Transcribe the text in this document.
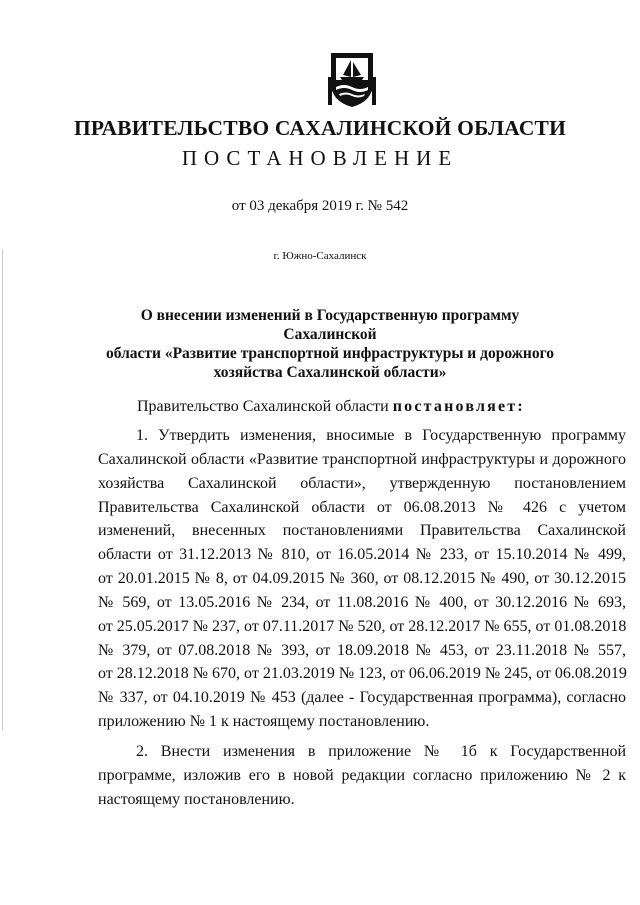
ПРАВИТЕЛЬСТВО САХАЛИНСКОЙ ОБЛАСТИ
ПОСТАНОВЛЕНИЕ
от 03 декабря 2019 г. № 542
г. Южно-Сахалинск
О внесении изменений в Государственную программу Сахалинской
области «Развитие транспортной инфраструктуры и дорожного
хозяйства Сахалинской области»
Правительство Сахалинской области постановляет:
1. Утвердить изменения, вносимые в Государственную программу
Сахалинской области «Развитие транспортной инфраструктуры и дорожного
хозяйства Сахалинской области», утвержденную постановлением
Правительства Сахалинской области от 06.08.2013 № 426 с учетом
изменений, внесенных постановлениями Правительства Сахалинской
области от 31.12.2013 № 810, от 16.05.2014 № 233, от 15.10.2014 № 499,
от 20.01.2015 № 8, от 04.09.2015 № 360, от 08.12.2015 № 490, от 30.12.2015
№ 569, от 13.05.2016 № 234, от 11.08.2016 № 400, от 30.12.2016 № 693,
от 25.05.2017 № 237, от 07.11.2017 № 520, от 28.12.2017 № 655, от 01.08.2018
№ 379, от 07.08.2018 № 393, от 18.09.2018 № 453, от 23.11.2018 № 557,
от 28.12.2018 № 670, от 21.03.2019 № 123, от 06.06.2019 № 245, от 06.08.2019
№ 337, от 04.10.2019 № 453 (далее - Государственная программа), согласно
приложению № 1 к настоящему постановлению.
2. Внести изменения в приложение № 1б к Государственной
программе, изложив его в новой редакции согласно приложению № 2 к
настоящему постановлению.
